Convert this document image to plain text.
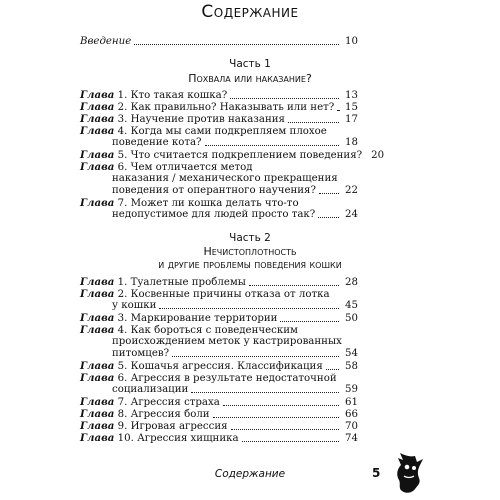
Содержание
Введение	10
Часть 1
Похвала или наказание?
Глава 1. Кто такая кошка?	13
Глава 2. Как правильно? Наказывать или нет? 15
Глава 3. Научение против наказания	17
Глава 4. Когда мы сами подкрепляем плохое
поведение кота?	18
Глава 5. Что считается подкреплением поведения? 20
Глава 6. Чем отличается метод
наказания / механического прекращения
поведения от оперантного научения?	22
Глава 7. Может ли кошка делать что-то
недопустимое для людей просто так?	24
Часть 2
Нечистоплотность
и другие проблемы поведения кошки
Глава 1. Туалетные проблемы	28
Глава 2. Косвенные причины отказа от лотка
у кошки	45
Глава 3. Маркирование территории	50
Глава 4. Как бороться с поведенческим
происхождением меток у кастрированных
питомцев?	54
Глава 5. Кошачья агрессия. Классификация 58
Глава 6. Агрессия в результате недостаточной
социализации	59
Глава 7. Агрессия страха	61
Глава 8. Агрессия боли	66
Глава 9. Игровая агрессия	70
Глава 10. Агрессия хищника	74
Содержание	5
